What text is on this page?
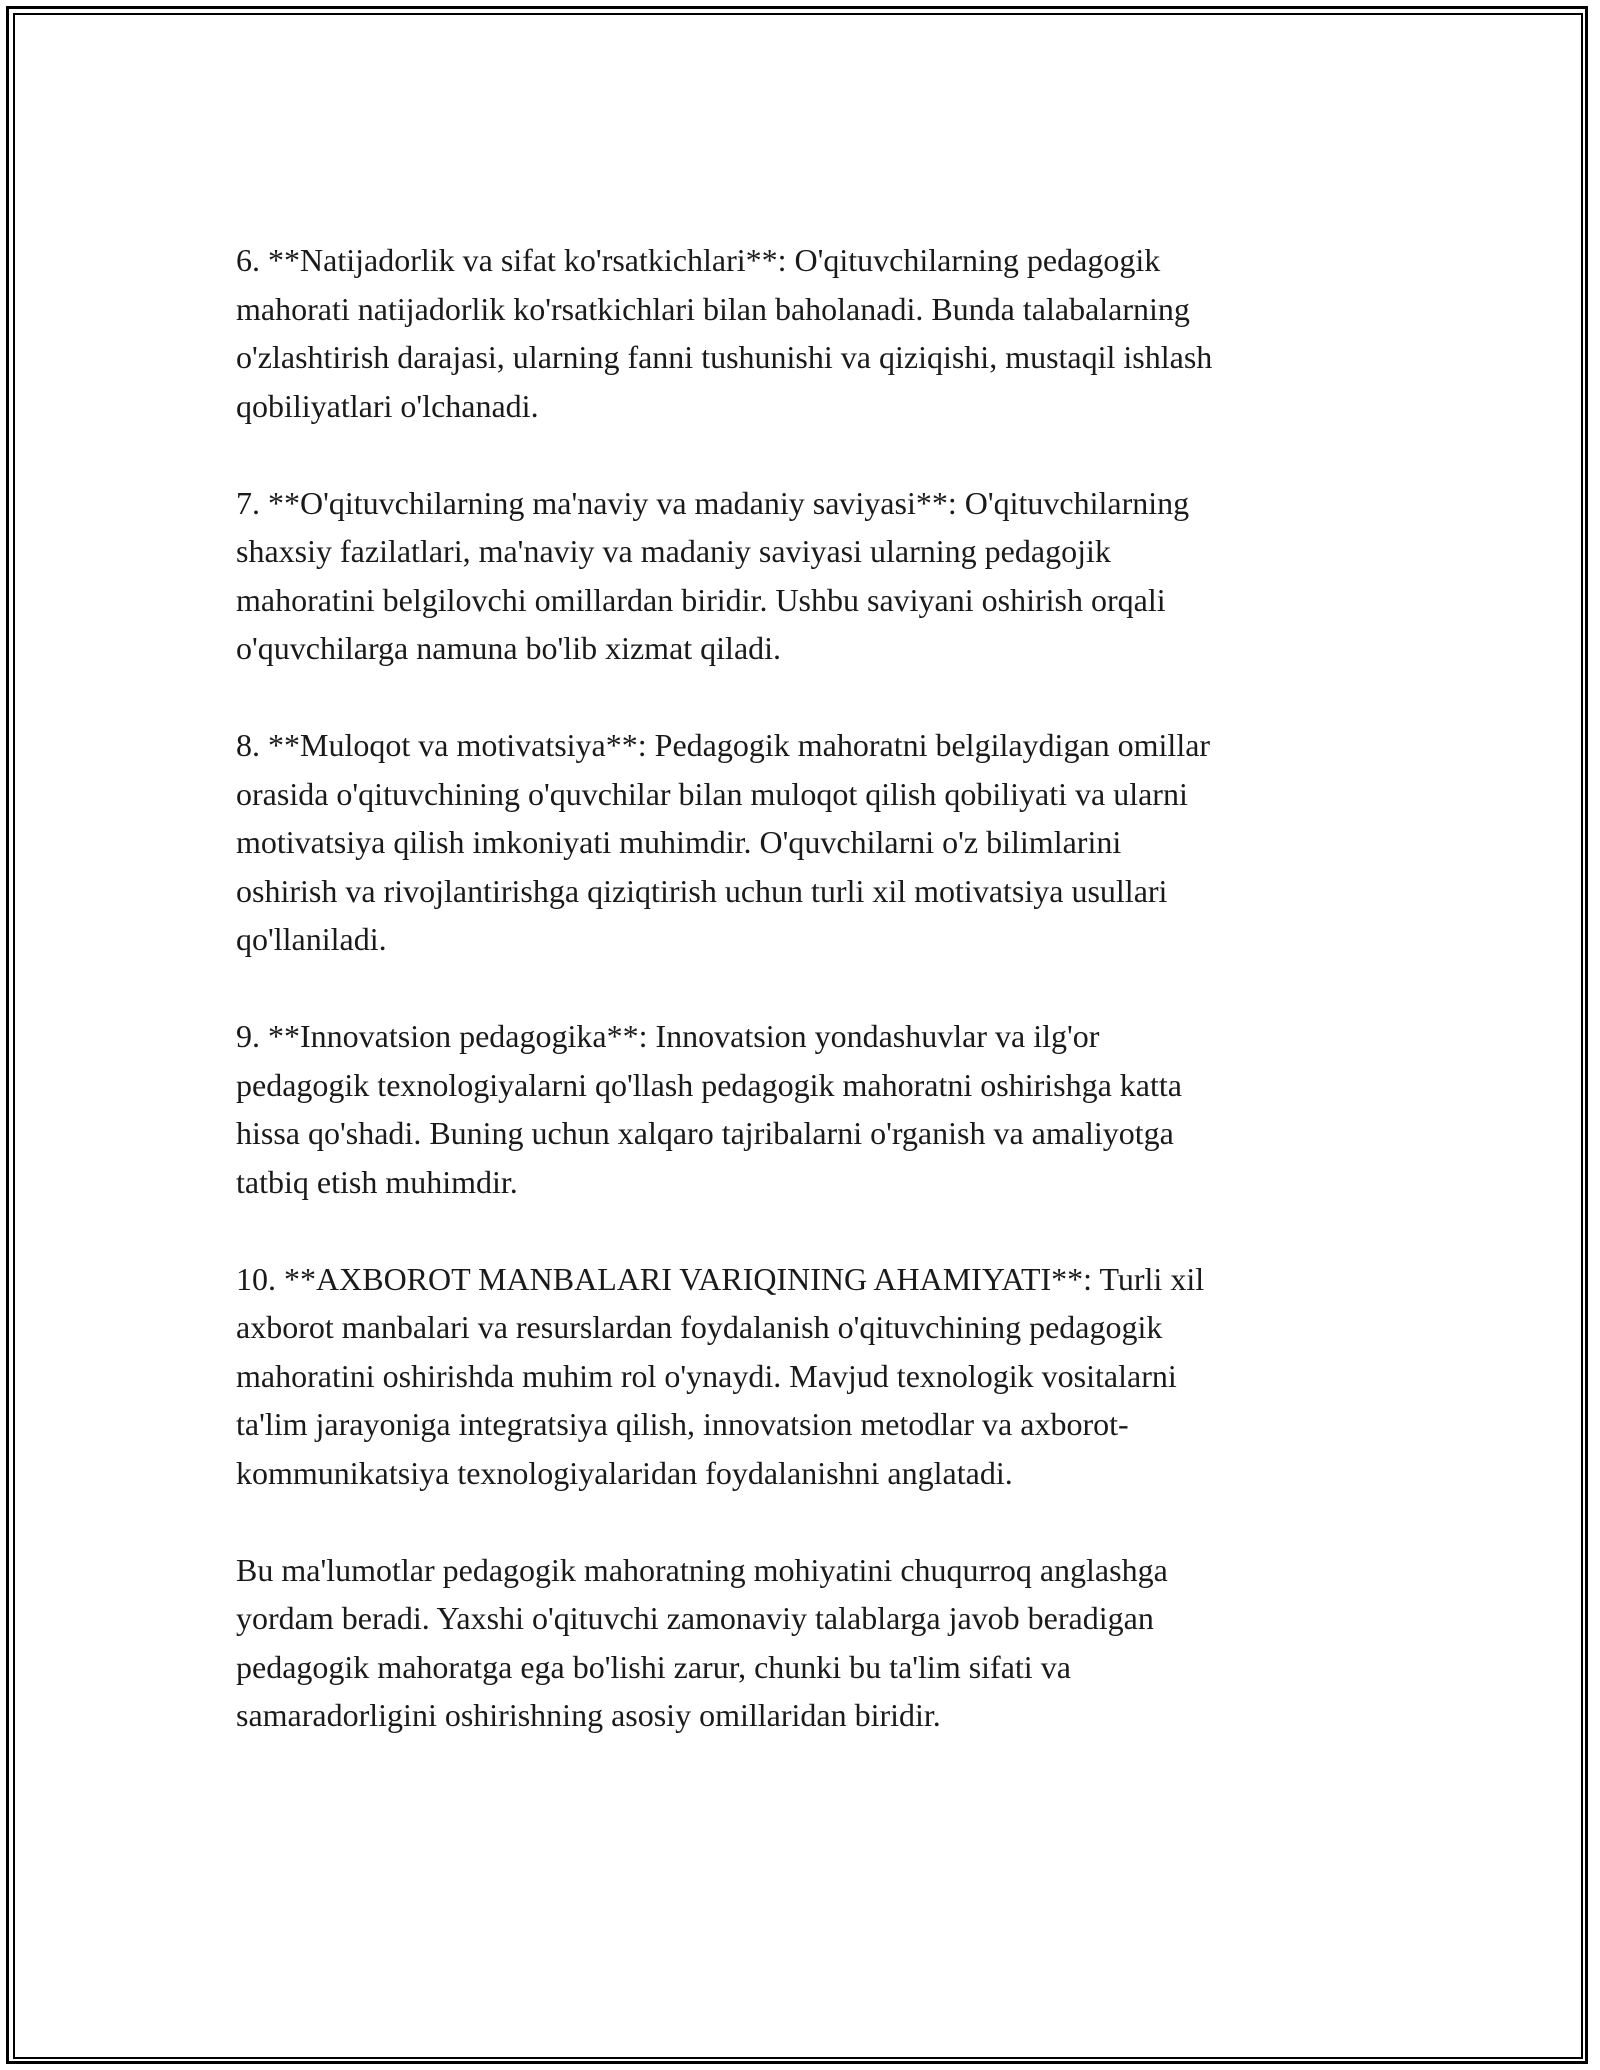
6. **Natijadorlik va sifat ko'rsatkichlari**: O'qituvchilarning pedagogik
mahorati natijadorlik ko'rsatkichlari bilan baholanadi. Bunda talabalarning
o'zlashtirish darajasi, ularning fanni tushunishi va qiziqishi, mustaqil ishlash
qobiliyatlari o'lchanadi.

7. **O'qituvchilarning ma'naviy va madaniy saviyasi**: O'qituvchilarning
shaxsiy fazilatlari, ma'naviy va madaniy saviyasi ularning pedagojik
mahoratini belgilovchi omillardan biridir. Ushbu saviyani oshirish orqali
o'quvchilarga namuna bo'lib xizmat qiladi.

8. **Muloqot va motivatsiya**: Pedagogik mahoratni belgilaydigan omillar
orasida o'qituvchining o'quvchilar bilan muloqot qilish qobiliyati va ularni
motivatsiya qilish imkoniyati muhimdir. O'quvchilarni o'z bilimlarini
oshirish va rivojlantirishga qiziqtirish uchun turli xil motivatsiya usullari
qo'llaniladi.

9. **Innovatsion pedagogika**: Innovatsion yondashuvlar va ilg'or
pedagogik texnologiyalarni qo'llash pedagogik mahoratni oshirishga katta
hissa qo'shadi. Buning uchun xalqaro tajribalarni o'rganish va amaliyotga
tatbiq etish muhimdir.

10. **AXBOROT MANBALARI VARIQINING AHAMIYATI**: Turli xil
axborot manbalari va resurslardan foydalanish o'qituvchining pedagogik
mahoratini oshirishda muhim rol o'ynaydi. Mavjud texnologik vositalarni
ta'lim jarayoniga integratsiya qilish, innovatsion metodlar va axborot-
kommunikatsiya texnologiyalaridan foydalanishni anglatadi.

Bu ma'lumotlar pedagogik mahoratning mohiyatini chuqurroq anglashga
yordam beradi. Yaxshi o'qituvchi zamonaviy talablarga javob beradigan
pedagogik mahoratga ega bo'lishi zarur, chunki bu ta'lim sifati va
samaradorligini oshirishning asosiy omillaridan biridir.
